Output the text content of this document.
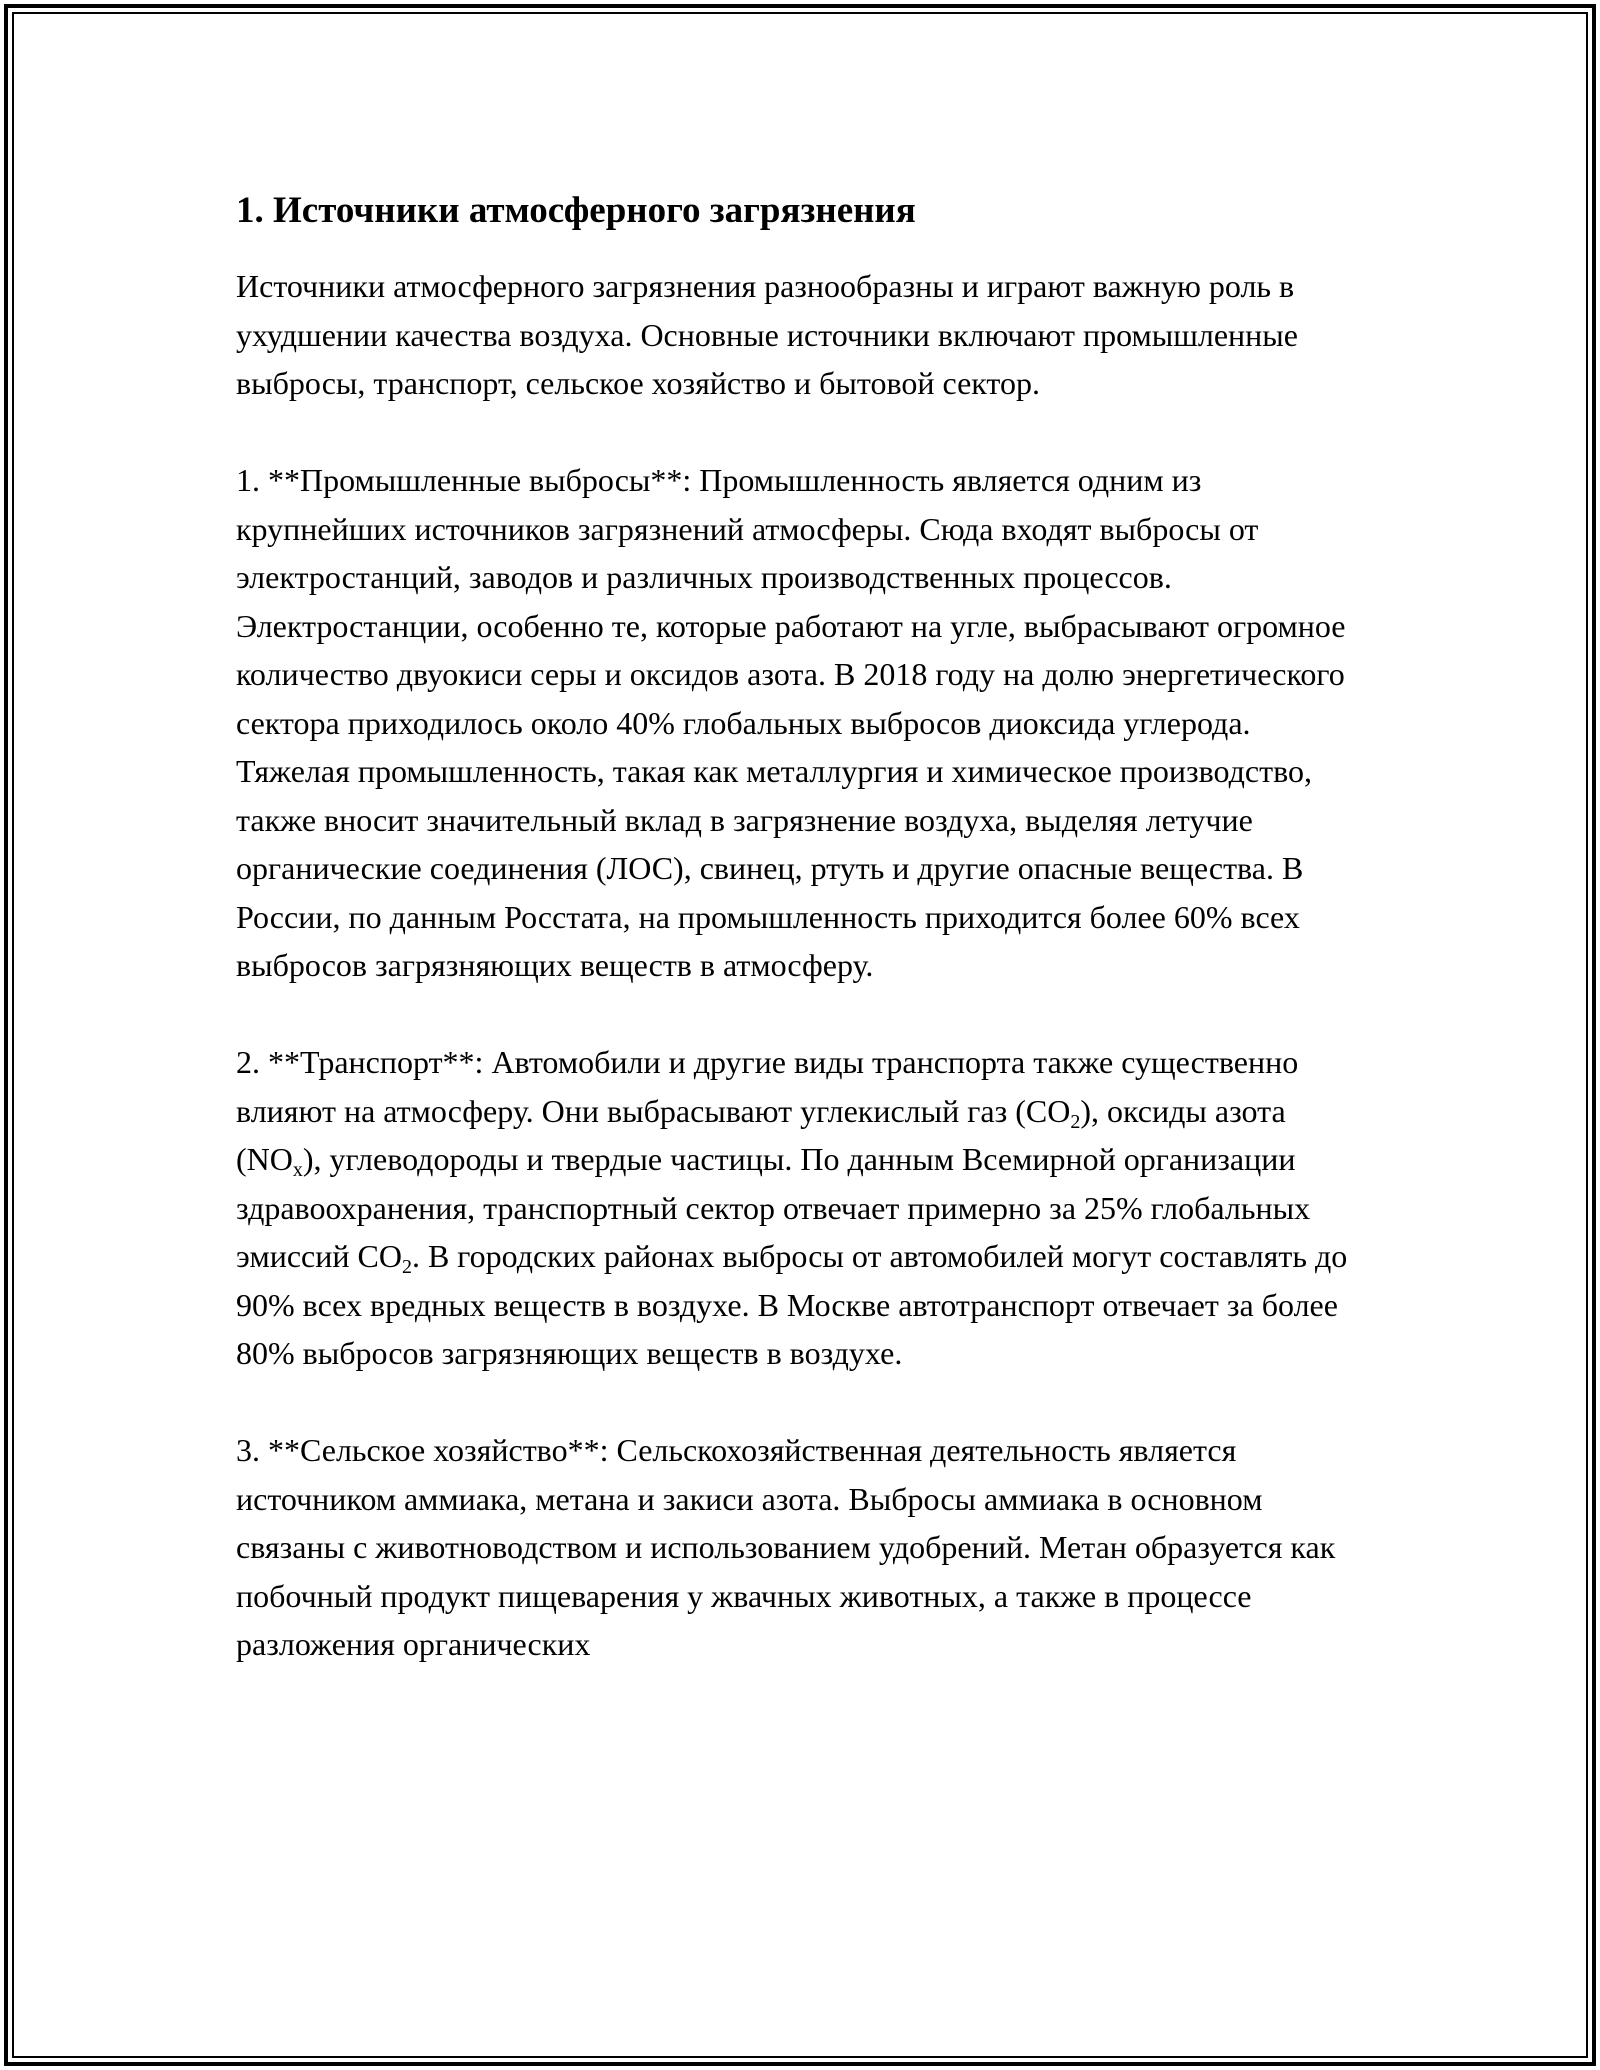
1. Источники атмосферного загрязнения

Источники атмосферного загрязнения разнообразны и играют важную роль в ухудшении качества воздуха. Основные источники включают промышленные выбросы, транспорт, сельское хозяйство и бытовой сектор.

1. **Промышленные выбросы**: Промышленность является одним из крупнейших источников загрязнений атмосферы. Сюда входят выбросы от электростанций, заводов и различных производственных процессов. Электростанции, особенно те, которые работают на угле, выбрасывают огромное количество двуокиси серы и оксидов азота. В 2018 году на долю энергетического сектора приходилось около 40% глобальных выбросов диоксида углерода. Тяжелая промышленность, такая как металлургия и химическое производство, также вносит значительный вклад в загрязнение воздуха, выделяя летучие органические соединения (ЛОС), свинец, ртуть и другие опасные вещества. В России, по данным Росстата, на промышленность приходится более 60% всех выбросов загрязняющих веществ в атмосферу.

2. **Транспорт**: Автомобили и другие виды транспорта также существенно влияют на атмосферу. Они выбрасывают углекислый газ $(CO_2)$, оксиды азота $(NO_x)$, углеводороды и твердые частицы. По данным Всемирной организации здравоохранения, транспортный сектор отвечает примерно за 25% глобальных эмиссий $CO_2$. В городских районах выбросы от автомобилей могут составлять до 90% всех вредных веществ в воздухе. В Москве автотранспорт отвечает за более 80% выбросов загрязняющих веществ в воздухе.

3. **Сельское хозяйство**: Сельскохозяйственная деятельность является источником аммиака, метана и закиси азота. Выбросы аммиака в основном связаны с животноводством и использованием удобрений. Метан образуется как побочный продукт пищеварения у жвачных животных, а также в процессе разложения органических
